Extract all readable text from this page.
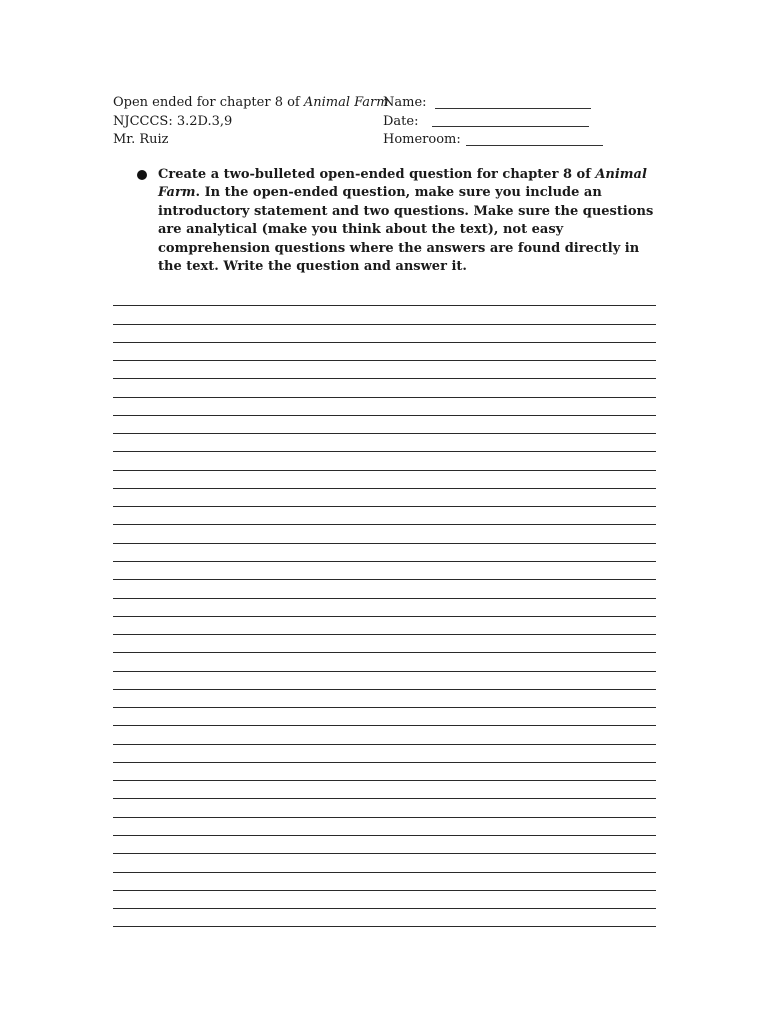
Open ended for chapter 8 of Animal Farm
NJCCCS: 3.2D.3,9
Mr. Ruiz
Name:
Date:
Homeroom:
Create a two-bulleted open-ended question for chapter 8 of Animal Farm. In the open-ended question, make sure you include an introductory statement and two questions. Make sure the questions are analytical (make you think about the text), not easy comprehension questions where the answers are found directly in the text. Write the question and answer it.
